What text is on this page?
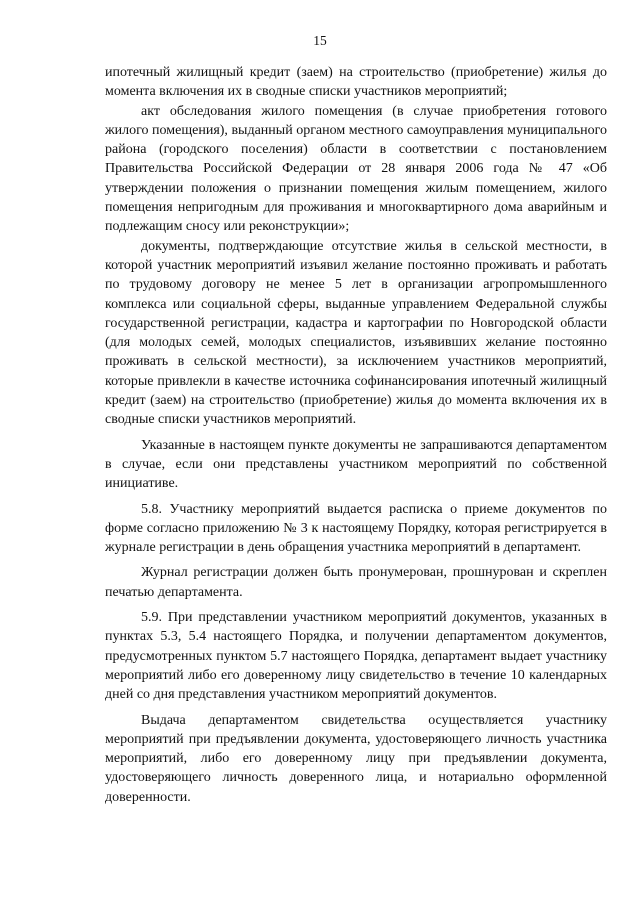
15

ипотечный жилищный кредит (заем) на строительство (приобретение) жилья до момента включения их в сводные списки участников мероприятий;

акт обследования жилого помещения (в случае приобретения готового жилого помещения), выданный органом местного самоуправления муниципального района (городского поселения) области в соответствии с постановлением Правительства Российской Федерации от 28 января 2006 года № 47 «Об утверждении положения о признании помещения жилым помещением, жилого помещения непригодным для проживания и многоквартирного дома аварийным и подлежащим сносу или реконструкции»;

документы, подтверждающие отсутствие жилья в сельской местности, в которой участник мероприятий изъявил желание постоянно проживать и работать по трудовому договору не менее 5 лет в организации агропромышленного комплекса или социальной сферы, выданные управлением Федеральной службы государственной регистрации, кадастра и картографии по Новгородской области (для молодых семей, молодых специалистов, изъявивших желание постоянно проживать в сельской местности), за исключением участников мероприятий, которые привлекли в качестве источника софинансирования ипотечный жилищный кредит (заем) на строительство (приобретение) жилья до момента включения их в сводные списки участников мероприятий.

Указанные в настоящем пункте документы не запрашиваются департаментом в случае, если они представлены участником мероприятий по собственной инициативе.

5.8. Участнику мероприятий выдается расписка о приеме документов по форме согласно приложению № 3 к настоящему Порядку, которая регистрируется в журнале регистрации в день обращения участника мероприятий в департамент.

Журнал регистрации должен быть пронумерован, прошнурован и скреплен печатью департамента.

5.9. При представлении участником мероприятий документов, указанных в пунктах 5.3, 5.4 настоящего Порядка, и получении департаментом документов, предусмотренных пунктом 5.7 настоящего Порядка, департамент выдает участнику мероприятий либо его доверенному лицу свидетельство в течение 10 календарных дней со дня представления участником мероприятий документов.

Выдача департаментом свидетельства осуществляется участнику мероприятий при предъявлении документа, удостоверяющего личность участника мероприятий, либо его доверенному лицу при предъявлении документа, удостоверяющего личность доверенного лица, и нотариально оформленной доверенности.
